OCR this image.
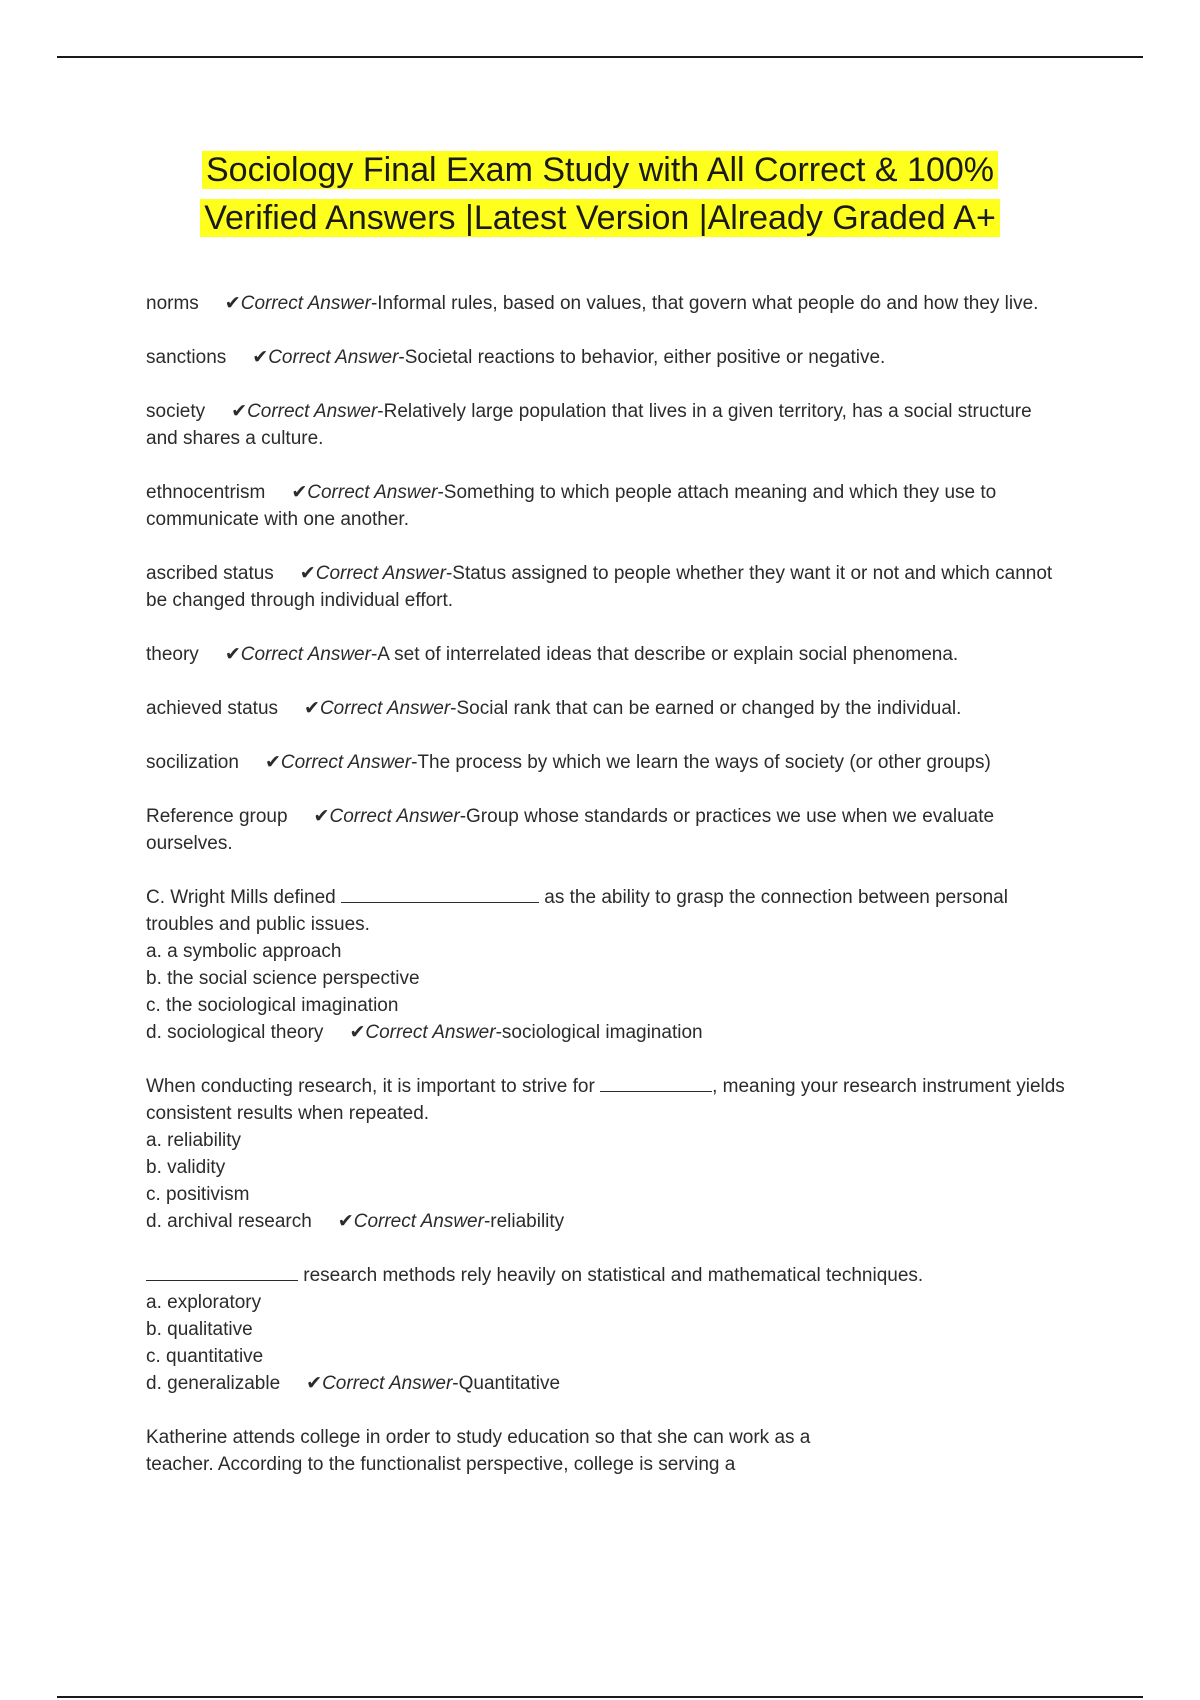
Sociology Final Exam Study with All Correct & 100%
Verified Answers |Latest Version |Already Graded A+
norms ✔Correct Answer-Informal rules, based on values, that govern what people do and how they live.
sanctions ✔Correct Answer-Societal reactions to behavior, either positive or negative.
society ✔Correct Answer-Relatively large population that lives in a given territory, has a social structure and shares a culture.
ethnocentrism ✔Correct Answer-Something to which people attach meaning and which they use to communicate with one another.
ascribed status ✔Correct Answer-Status assigned to people whether they want it or not and which cannot be changed through individual effort.
theory ✔Correct Answer-A set of interrelated ideas that describe or explain social phenomena.
achieved status ✔Correct Answer-Social rank that can be earned or changed by the individual.
socilization ✔Correct Answer-The process by which we learn the ways of society (or other groups)
Reference group ✔Correct Answer-Group whose standards or practices we use when we evaluate ourselves.
C. Wright Mills defined	as the ability to grasp the connection between personal troubles and public issues.
a. a symbolic approach
b. the social science perspective
c. the sociological imagination
d. sociological theory ✔Correct Answer-sociological imagination
When conducting research, it is important to strive for	, meaning your research instrument yields consistent results when repeated.
a. reliability
b. validity
c. positivism
d. archival research ✔Correct Answer-reliability
research methods rely heavily on statistical and mathematical techniques.
a. exploratory
b. qualitative
c. quantitative
d. generalizable ✔Correct Answer-Quantitative
Katherine attends college in order to study education so that she can work as a teacher. According to the functionalist perspective, college is serving a
